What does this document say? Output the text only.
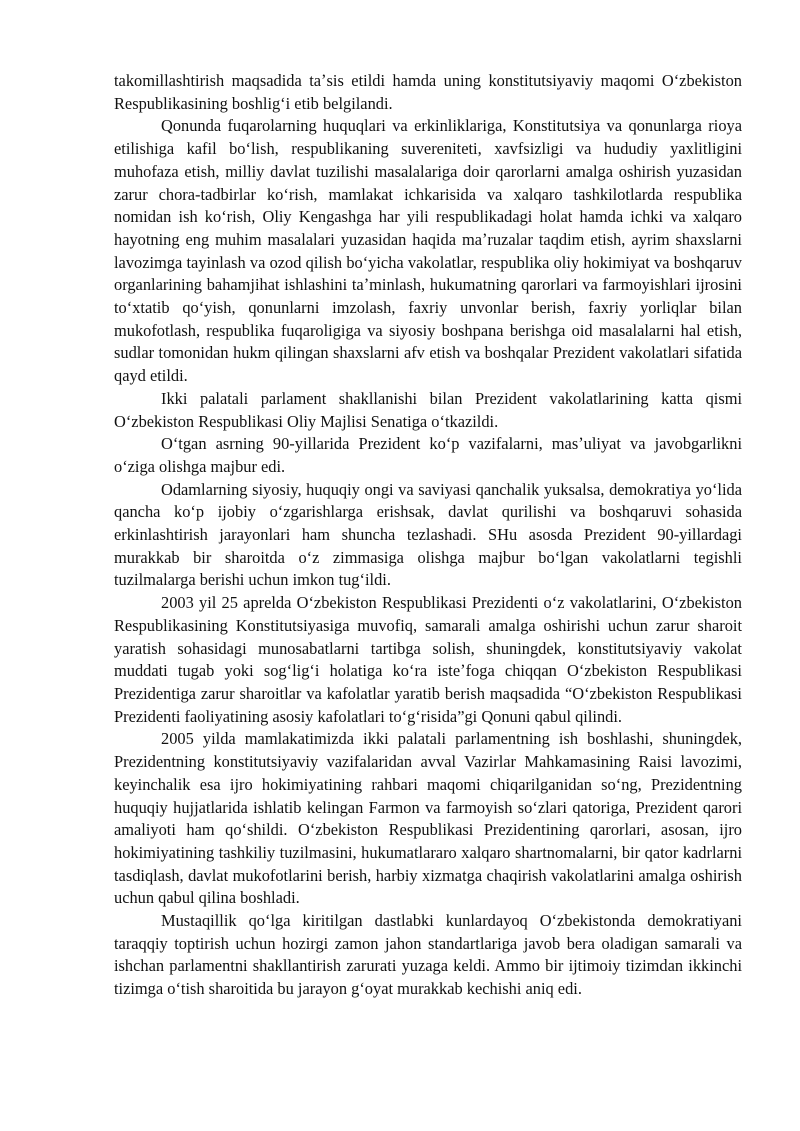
takomillashtirish maqsadida taʼsis etildi hamda uning konstitutsiyaviy maqomi Oʻzbekiston Respublikasining boshligʻi etib belgilandi.

Qonunda fuqarolarning huquqlari va erkinliklariga, Konstitutsiya va qonunlarga rioya etilishiga kafil boʻlish, respublikaning suvereniteti, xavfsizligi va hududiy yaxlitligini muhofaza etish, milliy davlat tuzilishi masalalariga doir qarorlarni amalga oshirish yuzasidan zarur chora-tadbirlar koʻrish, mamlakat ichkarisida va xalqaro tashkilotlarda respublika nomidan ish koʻrish, Oliy Kengashga har yili respublikadagi holat hamda ichki va xalqaro hayotning eng muhim masalalari yuzasidan haqida maʼruzalar taqdim etish, ayrim shaxslarni lavozimga tayinlash va ozod qilish boʻyicha vakolatlar, respublika oliy hokimiyat va boshqaruv organlarining bahamjihat ishlashini taʼminlash, hukumatning qarorlari va farmoyishlari ijrosini toʻxtatib qoʻyish, qonunlarni imzolash, faxriy unvonlar berish, faxriy yorliqlar bilan mukofotlash, respublika fuqaroligiga va siyosiy boshpana berishga oid masalalarni hal etish, sudlar tomonidan hukm qilingan shaxslarni afv etish va boshqalar Prezident vakolatlari sifatida qayd etildi.

Ikki palatali parlament shakllanishi bilan Prezident vakolatlarining katta qismi Oʻzbekiston Respublikasi Oliy Majlisi Senatiga oʻtkazildi.

Oʻtgan asrning 90-yillarida Prezident koʻp vazifalarni, masʼuliyat va javobgarlikni oʻziga olishga majbur edi.

Odamlarning siyosiy, huquqiy ongi va saviyasi qanchalik yuksalsa, demokratiya yoʻlida qancha koʻp ijobiy oʻzgarishlarga erishsak, davlat qurilishi va boshqaruvi sohasida erkinlashtirish jarayonlari ham shuncha tezlashadi. SHu asosda Prezident 90-yillardagi murakkab bir sharoitda oʻz zimmasiga olishga majbur boʻlgan vakolatlarni tegishli tuzilmalarga berishi uchun imkon tugʻildi.

2003 yil 25 aprelda Oʻzbekiston Respublikasi Prezidenti oʻz vakolatlarini, Oʻzbekiston Respublikasining Konstitutsiyasiga muvofiq, samarali amalga oshirishi uchun zarur sharoit yaratish sohasidagi munosabatlarni tartibga solish, shuningdek, konstitutsiyaviy vakolat muddati tugab yoki sogʻligʻi holatiga koʻra isteʼfoga chiqqan Oʻzbekiston Respublikasi Prezidentiga zarur sharoitlar va kafolatlar yaratib berish maqsadida “Oʻzbekiston Respublikasi Prezidenti faoliyatining asosiy kafolatlari toʻgʻrisida”gi Qonuni qabul qilindi.

2005 yilda mamlakatimizda ikki palatali parlamentning ish boshlashi, shuningdek, Prezidentning konstitutsiyaviy vazifalaridan avval Vazirlar Mahkamasining Raisi lavozimi, keyinchalik esa ijro hokimiyatining rahbari maqomi chiqarilganidan soʻng, Prezidentning huquqiy hujjatlarida ishlatib kelingan Farmon va farmoyish soʻzlari qatoriga, Prezident qarori amaliyoti ham qoʻshildi. Oʻzbekiston Respublikasi Prezidentining qarorlari, asosan, ijro hokimiyatining tashkiliy tuzilmasini, hukumatlararo xalqaro shartnomalarni, bir qator kadrlarni tasdiqlash, davlat mukofotlarini berish, harbiy xizmatga chaqirish vakolatlarini amalga oshirish uchun qabul qilina boshladi.

Mustaqillik qoʻlga kiritilgan dastlabki kunlardayoq Oʻzbekistonda demokratiyani taraqqiy toptirish uchun hozirgi zamon jahon standartlariga javob bera oladigan samarali va ishchan parlamentni shakllantirish zarurati yuzaga keldi. Ammo bir ijtimoiy tizimdan ikkinchi tizimga oʻtish sharoitida bu jarayon gʻoyat murakkab kechishi aniq edi.
